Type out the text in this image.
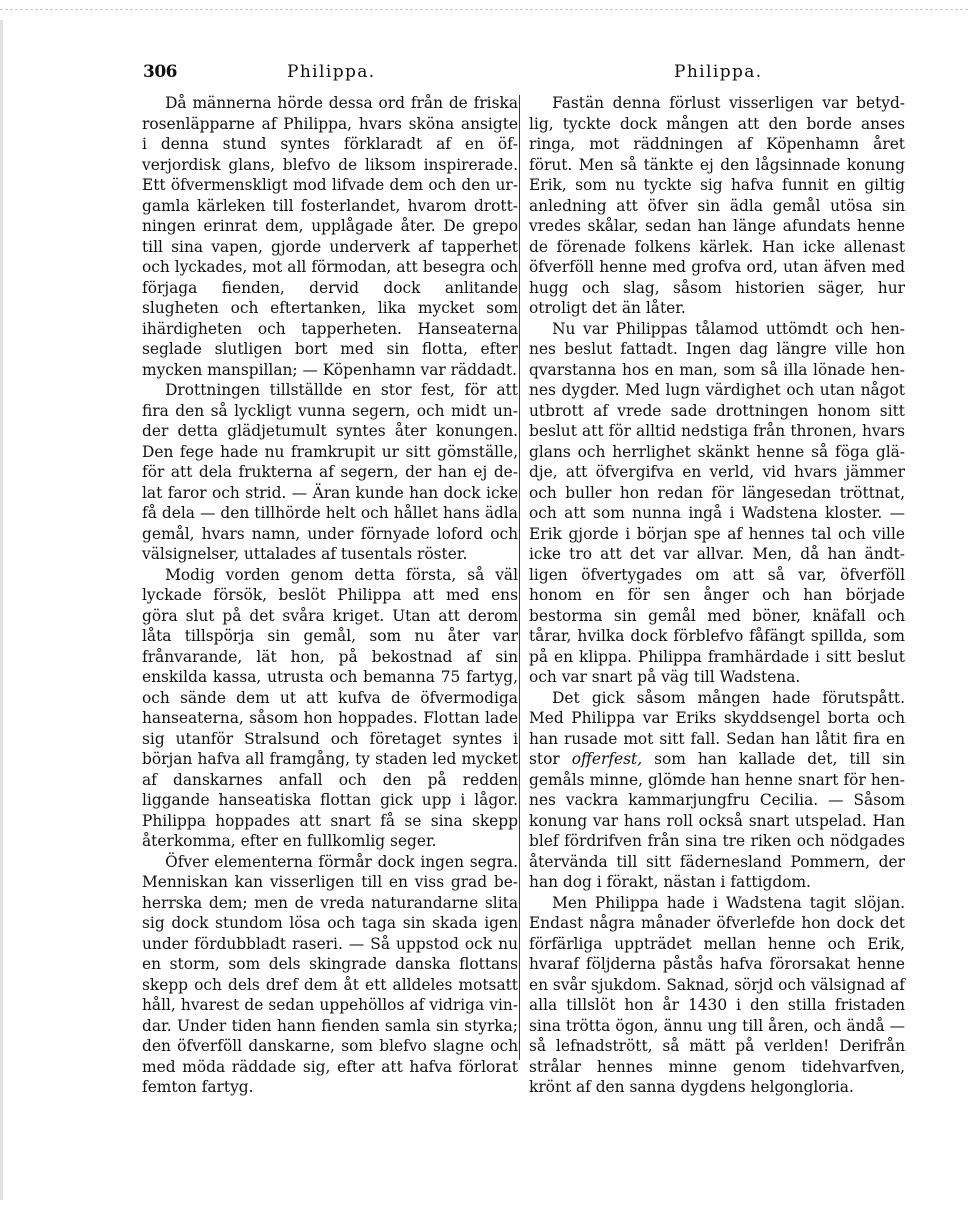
306	Philippa.	Philippa.

Då männerna hörde dessa ord från de friska rosenläpparne af Philippa, hvars sköna ansigte i denna stund syntes förklaradt af en öfverjordisk glans, blefvo de liksom inspirerade. Ett öfvermenskligt mod lifvade dem och den urgamla kärleken till fosterlandet, hvarom drottningen erinrat dem, upplågade åter. De grepo till sina vapen, gjorde underverk af tapperhet och lyckades, mot all förmodan, att besegra och förjaga fienden, dervid dock anlitande slugheten och eftertanken, lika mycket som ihärdigheten och tapperheten. Hanseaterna seglade slutligen bort med sin flotta, efter mycken manspillan; — Köpenhamn var räddadt.

Drottningen tillställde en stor fest, för att fira den så lyckligt vunna segern, och midt under detta glädjetumult syntes åter konungen. Den fege hade nu framkrupit ur sitt gömställe, för att dela frukterna af segern, der han ej delat faror och strid. — Äran kunde han dock icke få dela — den tillhörde helt och hållet hans ädla gemål, hvars namn, under förnyade loford och välsignelser, uttalades af tusentals röster.

Modig vorden genom detta första, så väl lyckade försök, beslöt Philippa att med ens göra slut på det svåra kriget. Utan att derom låta tillspörja sin gemål, som nu åter var frånvarande, lät hon, på bekostnad af sin enskilda kassa, utrusta och bemanna 75 fartyg, och sände dem ut att kufva de öfvermodiga hanseaterna, såsom hon hoppades. Flottan lade sig utanför Stralsund och företaget syntes i början hafva all framgång, ty staden led mycket af danskarnes anfall och den på redden liggande hanseatiska flottan gick upp i lågor. Philippa hoppades att snart få se sina skepp återkomma, efter en fullkomlig seger.

Öfver elementerna förmår dock ingen segra. Menniskan kan visserligen till en viss grad beherrska dem; men de vreda naturandarne slita sig dock stundom lösa och taga sin skada igen under fördubbladt raseri. — Så uppstod ock nu en storm, som dels skingrade danska flottans skepp och dels dref dem åt ett alldeles motsatt håll, hvarest de sedan uppehöllos af vidriga vindar. Under tiden hann fienden samla sin styrka; den öfverföll danskarne, som blefvo slagne och med möda räddade sig, efter att hafva förlorat femton fartyg.

Fastän denna förlust visserligen var betydlig, tyckte dock mången att den borde anses ringa, mot räddningen af Köpenhamn året förut. Men så tänkte ej den lågsinnade konung Erik, som nu tyckte sig hafva funnit en giltig anledning att öfver sin ädla gemål utösa sin vredes skålar, sedan han länge afundats henne de förenade folkens kärlek. Han icke allenast öfverföll henne med grofva ord, utan äfven med hugg och slag, såsom historien säger, hur otroligt det än låter.

Nu var Philippas tålamod uttömdt och hennes beslut fattadt. Ingen dag längre ville hon qvarstanna hos en man, som så illa lönade hennes dygder. Med lugn värdighet och utan något utbrott af vrede sade drottningen honom sitt beslut att för alltid nedstiga från thronen, hvars glans och herrlighet skänkt henne så föga glädje, att öfvergifva en verld, vid hvars jämmer och buller hon redan för längesedan tröttnat, och att som nunna ingå i Wadstena kloster. — Erik gjorde i början spe af hennes tal och ville icke tro att det var allvar. Men, då han ändtligen öfvertygades om att så var, öfverföll honom en för sen ånger och han började bestorma sin gemål med böner, knäfall och tårar, hvilka dock förblefvo fåfängt spillda, som på en klippa. Philippa framhärdade i sitt beslut och var snart på väg till Wadstena.

Det gick såsom mången hade förutspått. Med Philippa var Eriks skyddsengel borta och han rusade mot sitt fall. Sedan han låtit fira en stor offerfest, som han kallade det, till sin gemåls minne, glömde han henne snart för hennes vackra kammarjungfru Cecilia. — Såsom konung var hans roll också snart utspelad. Han blef fördrifven från sina tre riken och nödgades återvända till sitt fädernesland Pommern, der han dog i förakt, nästan i fattigdom.

Men Philippa hade i Wadstena tagit slöjan. Endast några månader öfverlefde hon dock det förfärliga uppträdet mellan henne och Erik, hvaraf följderna påstås hafva förorsakat henne en svår sjukdom. Saknad, sörjd och välsignad af alla tillslöt hon år 1430 i den stilla fristaden sina trötta ögon, ännu ung till åren, och ändå — så lefnadstrött, så mätt på verlden! Derifrån strålar hennes minne genom tidehvarfven, krönt af den sanna dygdens helgongloria.
